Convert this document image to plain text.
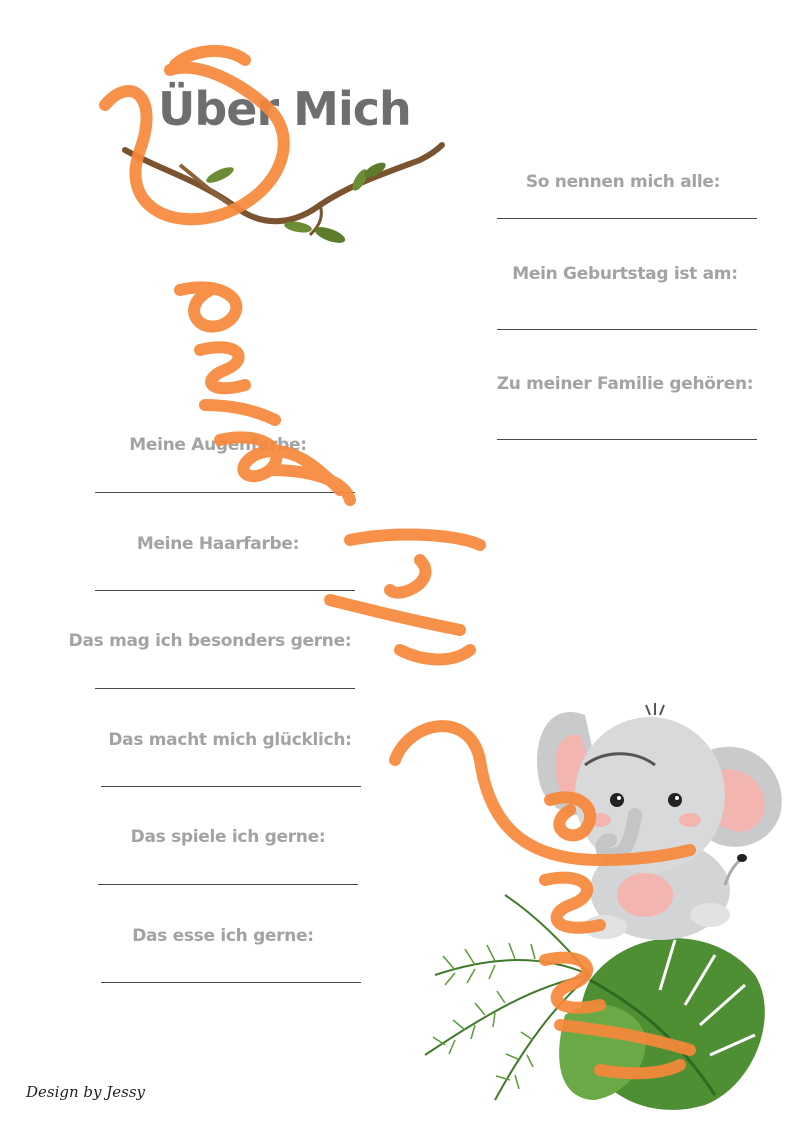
Über Mich
So nennen mich alle:
Mein Geburtstag ist am:
Zu meiner Familie gehören:
Meine Augenfarbe:
Meine Haarfarbe:
Das mag ich besonders gerne:
Das macht mich glücklich:
Das spiele ich gerne:
Das esse ich gerne:
Design by Jessy
